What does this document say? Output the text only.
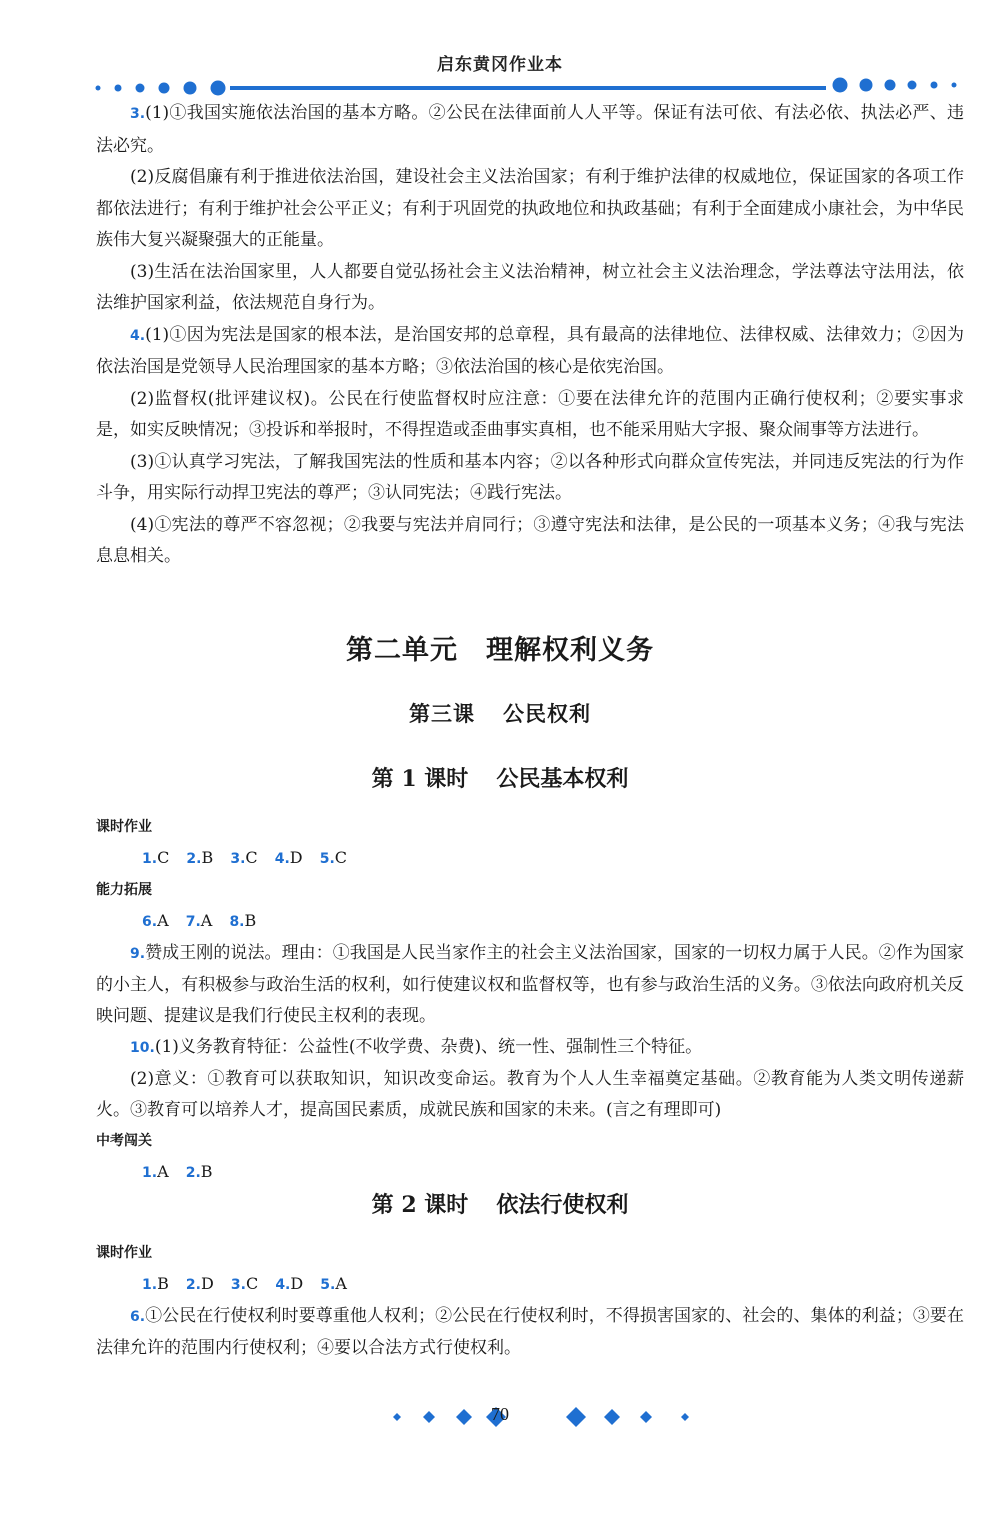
启东黄冈作业本

3.(1)①我国实施依法治国的基本方略。②公民在法律面前人人平等。保证有法可依、有法必依、执法必严、违法必究。

(2)反腐倡廉有利于推进依法治国，建设社会主义法治国家；有利于维护法律的权威地位，保证国家的各项工作都依法进行；有利于维护社会公平正义；有利于巩固党的执政地位和执政基础；有利于全面建成小康社会，为中华民族伟大复兴凝聚强大的正能量。

(3)生活在法治国家里，人人都要自觉弘扬社会主义法治精神，树立社会主义法治理念，学法尊法守法用法，依法维护国家利益，依法规范自身行为。

4.(1)①因为宪法是国家的根本法，是治国安邦的总章程，具有最高的法律地位、法律权威、法律效力；②因为依法治国是党领导人民治理国家的基本方略；③依法治国的核心是依宪治国。

(2)监督权(批评建议权)。公民在行使监督权时应注意：①要在法律允许的范围内正确行使权利；②要实事求是，如实反映情况；③投诉和举报时，不得捏造或歪曲事实真相，也不能采用贴大字报、聚众闹事等方法进行。

(3)①认真学习宪法，了解我国宪法的性质和基本内容；②以各种形式向群众宣传宪法，并同违反宪法的行为作斗争，用实际行动捍卫宪法的尊严；③认同宪法；④践行宪法。

(4)①宪法的尊严不容忽视；②我要与宪法并肩同行；③遵守宪法和法律，是公民的一项基本义务；④我与宪法息息相关。

第二单元 理解权利义务
第三课 公民权利
第 1 课时 公民基本权利

课时作业

1.C 2.B 3.C 4.D 5.C

能力拓展

6.A 7.A 8.B

9.赞成王刚的说法。理由：①我国是人民当家作主的社会主义法治国家，国家的一切权力属于人民。②作为国家的小主人，有积极参与政治生活的权利，如行使建议权和监督权等，也有参与政治生活的义务。③依法向政府机关反映问题、提建议是我们行使民主权利的表现。

10.(1)义务教育特征：公益性(不收学费、杂费)、统一性、强制性三个特征。

(2)意义：①教育可以获取知识，知识改变命运。教育为个人人生幸福奠定基础。②教育能为人类文明传递薪火。③教育可以培养人才，提高国民素质，成就民族和国家的未来。(言之有理即可)

中考闯关

1.A 2.B

第 2 课时 依法行使权利

课时作业

1.B 2.D 3.C 4.D 5.A

6.①公民在行使权利时要尊重他人权利；②公民在行使权利时，不得损害国家的、社会的、集体的利益；③要在法律允许的范围内行使权利；④要以合法方式行使权利。

70
